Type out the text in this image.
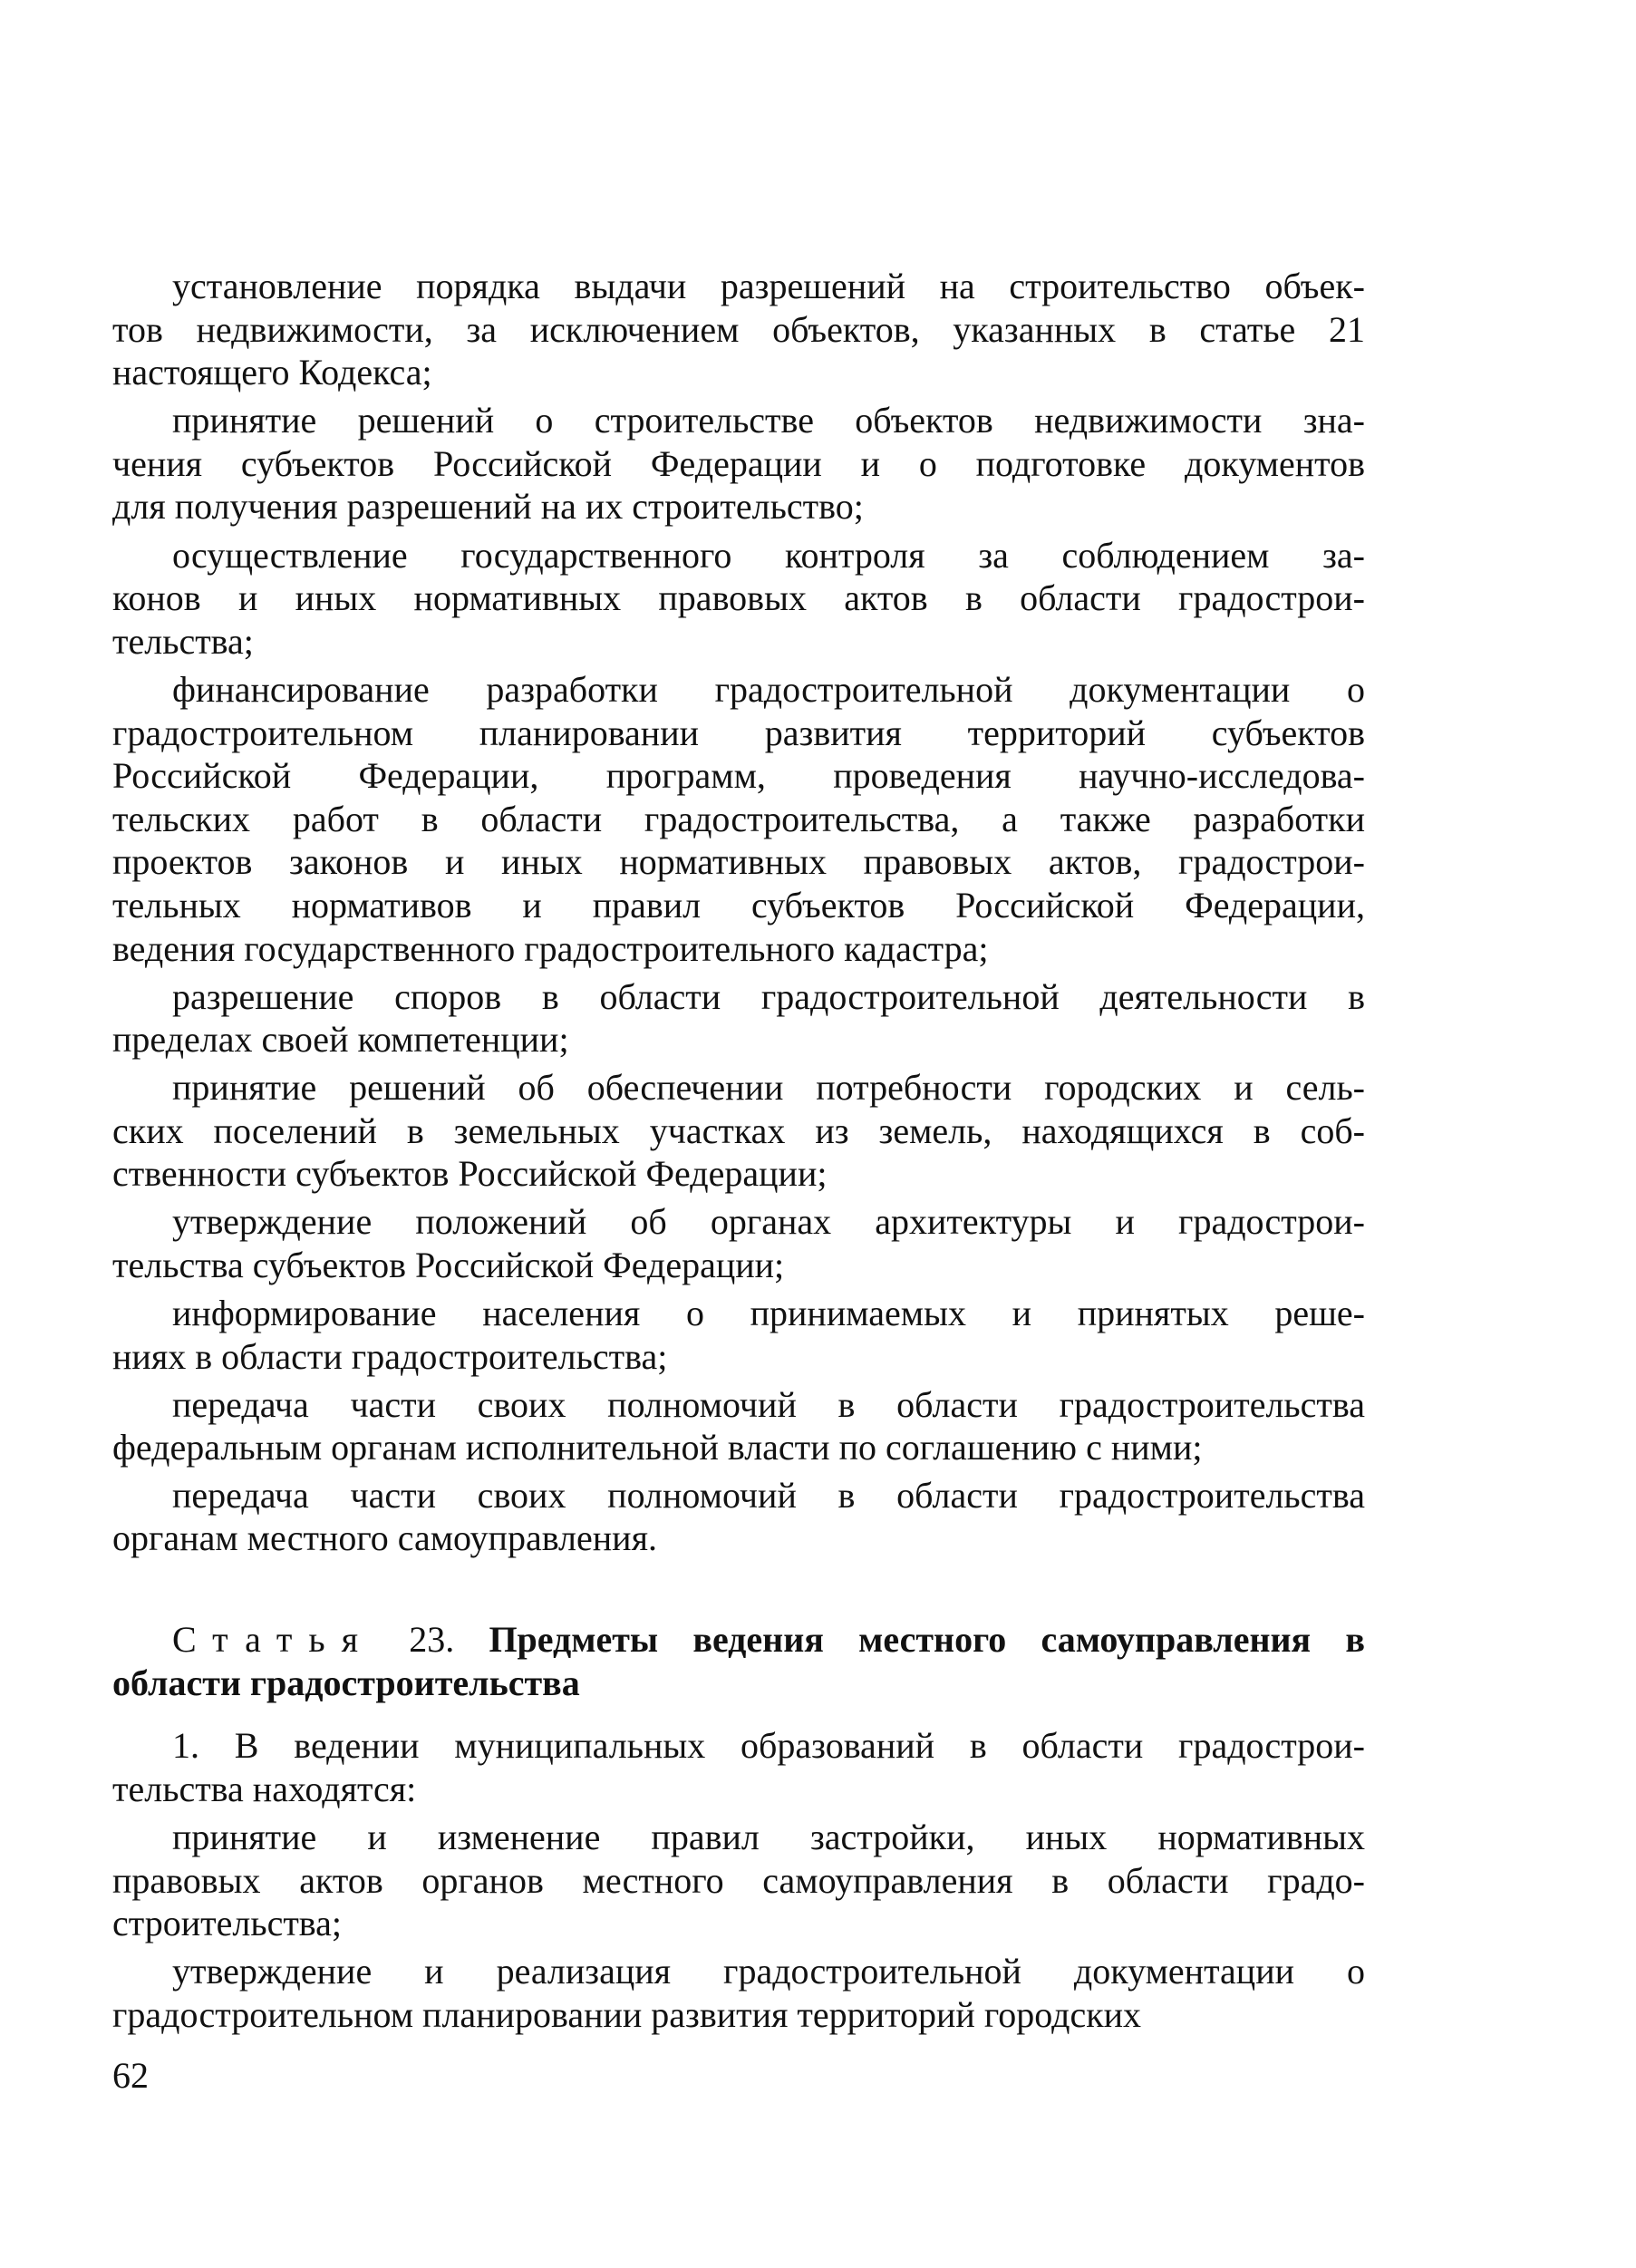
установление порядка выдачи разрешений на строительство объек-
тов недвижимости, за исключением объектов, указанных в статье 21
настоящего Кодекса;
принятие решений о строительстве объектов недвижимости зна-
чения субъектов Российской Федерации и о подготовке документов
для получения разрешений на их строительство;
осуществление государственного контроля за соблюдением за-
конов и иных нормативных правовых актов в области градострои-
тельства;
финансирование разработки градостроительной документации о
градостроительном планировании развития территорий субъектов
Российской Федерации, программ, проведения научно-исследова-
тельских работ в области градостроительства, а также разработки
проектов законов и иных нормативных правовых актов, градострои-
тельных нормативов и правил субъектов Российской Федерации,
ведения государственного градостроительного кадастра;
разрешение споров в области градостроительной деятельности в
пределах своей компетенции;
принятие решений об обеспечении потребности городских и сель-
ских поселений в земельных участках из земель, находящихся в соб-
ственности субъектов Российской Федерации;
утверждение положений об органах архитектуры и градострои-
тельства субъектов Российской Федерации;
информирование населения о принимаемых и принятых реше-
ниях в области градостроительства;
передача части своих полномочий в области градостроительства
федеральным органам исполнительной власти по соглашению с ними;
передача части своих полномочий в области градостроительства
органам местного самоуправления.
Статья 23. Предметы ведения местного самоуправления в
области градостроительства
1. В ведении муниципальных образований в области градострои-
тельства находятся:
принятие и изменение правил застройки, иных нормативных
правовых актов органов местного самоуправления в области градо-
строительства;
утверждение и реализация градостроительной документации о
градостроительном планировании развития территорий городских
62
